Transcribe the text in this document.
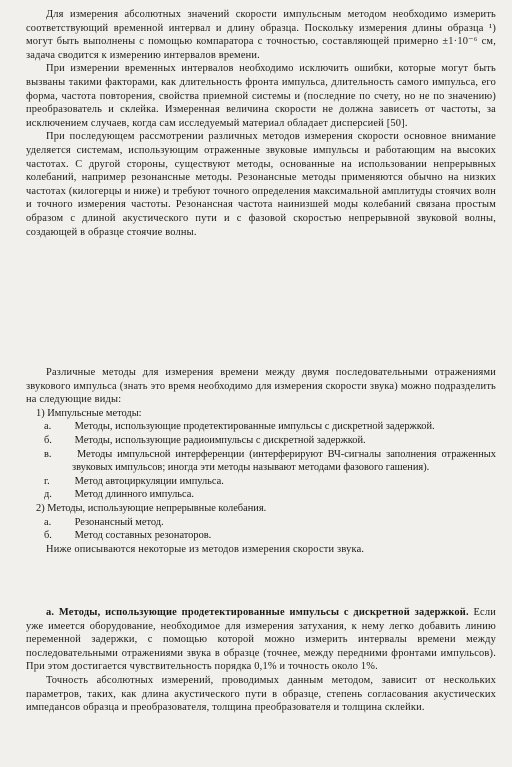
Для измерения абсолютных значений скорости импульсным методом необходимо измерить соответствующий временной интервал и длину образца. Поскольку измерения длины образца ¹) могут быть выполнены с помощью компаратора с точностью, составляющей примерно ±1·10⁻⁶ см, задача сводится к измерению интервалов времени.

При измерении временных интервалов необходимо исключить ошибки, которые могут быть вызваны такими факторами, как длительность фронта импульса, длительность самого импульса, его форма, частота повторения, свойства приемной системы и (последние по счету, но не по значению) преобразователь и склейка. Измеренная величина скорости не должна зависеть от частоты, за исключением случаев, когда сам исследуемый материал обладает дисперсией [50].

При последующем рассмотрении различных методов измерения скорости основное внимание уделяется системам, использующим отраженные звуковые импульсы и работающим на высоких частотах. С другой стороны, существуют методы, основанные на использовании непрерывных колебаний, например резонансные методы. Резонансные методы применяются обычно на низких частотах (килогерцы и ниже) и требуют точного определения максимальной амплитуды стоячих волн и точного измерения частоты. Резонансная частота наинизшей моды колебаний связана простым образом с длиной акустического пути и с фазовой скоростью непрерывной звуковой волны, создающей в образце стоячие волны.

Различные методы для измерения времени между двумя последовательными отражениями звукового импульса (знать это время необходимо для измерения скорости звука) можно подразделить на следующие виды:

1) Импульсные методы:
а. Методы, использующие продетектированные импульсы с дискретной задержкой.
б. Методы, использующие радиоимпульсы с дискретной задержкой.
в. Методы импульсной интерференции (интерферируют ВЧ-сигналы заполнения отраженных звуковых импульсов; иногда эти методы называют методами фазового гашения).
г. Метод автоциркуляции импульса.
д. Метод длинного импульса.
2) Методы, использующие непрерывные колебания.
а. Резонансный метод.
б. Метод составных резонаторов.

Ниже описываются некоторые из методов измерения скорости звука.

а. Методы, использующие продетектированные импульсы с дискретной задержкой. Если уже имеется оборудование, необходимое для измерения затухания, к нему легко добавить линию переменной задержки, с помощью которой можно измерить интервалы времени между последовательными отражениями звука в образце (точнее, между передними фронтами импульсов). При этом достигается чувствительность порядка 0,1% и точность около 1%.

Точность абсолютных измерений, проводимых данным методом, зависит от нескольких параметров, таких, как длина акустического пути в образце, степень согласования акустических импедансов образца и преобразователя, толщина преобразователя и толщина склейки.
